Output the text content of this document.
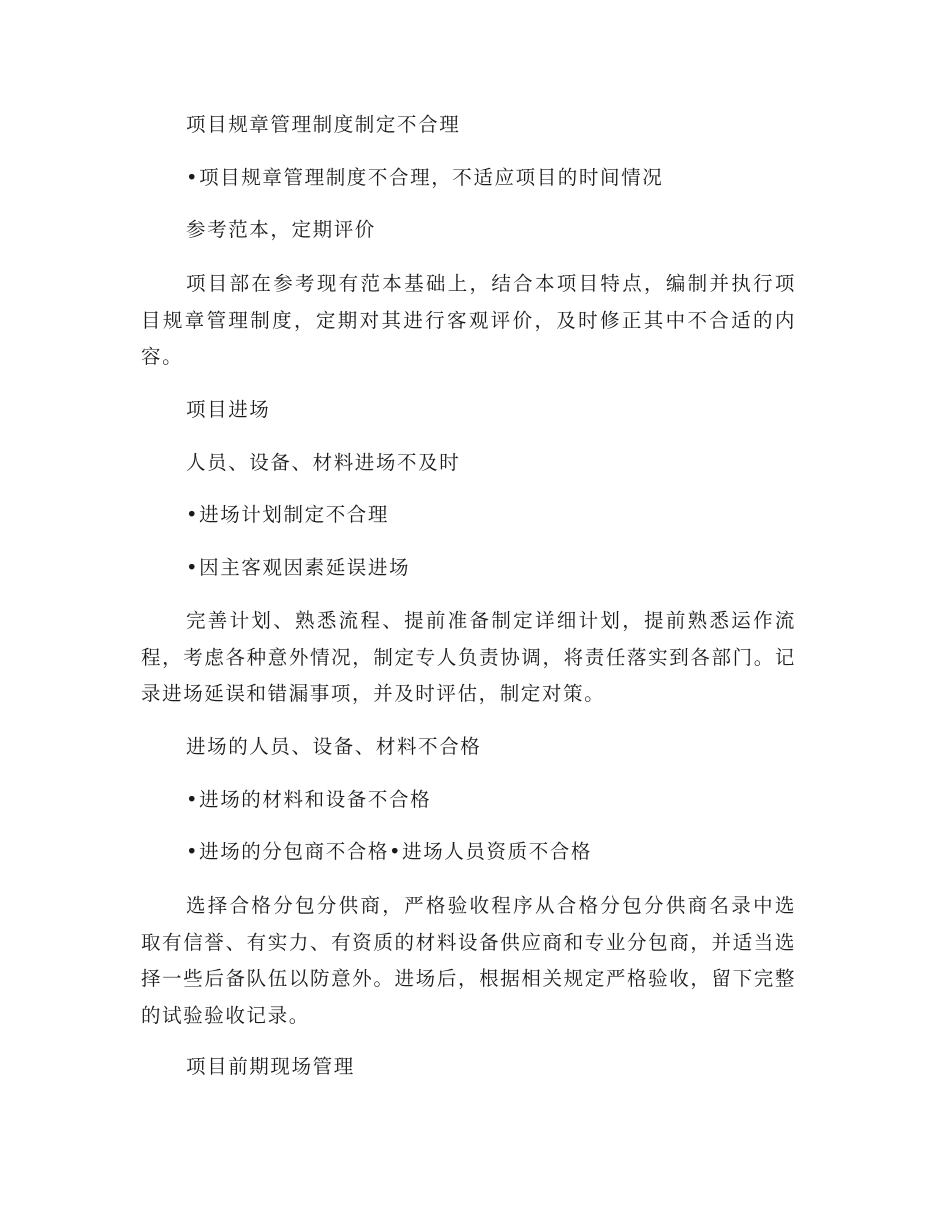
项目规章管理制度制定不合理
•项目规章管理制度不合理，不适应项目的时间情况
参考范本，定期评价

项目部在参考现有范本基础上，结合本项目特点，编制并执行项目规章管理制度，定期对其进行客观评价，及时修正其中不合适的内容。

项目进场
人员、设备、材料进场不及时
•进场计划制定不合理
•因主客观因素延误进场

完善计划、熟悉流程、提前准备制定详细计划，提前熟悉运作流程，考虑各种意外情况，制定专人负责协调，将责任落实到各部门。记录进场延误和错漏事项，并及时评估，制定对策。

进场的人员、设备、材料不合格
•进场的材料和设备不合格
•进场的分包商不合格•进场人员资质不合格

选择合格分包分供商，严格验收程序从合格分包分供商名录中选取有信誉、有实力、有资质的材料设备供应商和专业分包商，并适当选择一些后备队伍以防意外。进场后，根据相关规定严格验收，留下完整的试验验收记录。

项目前期现场管理
